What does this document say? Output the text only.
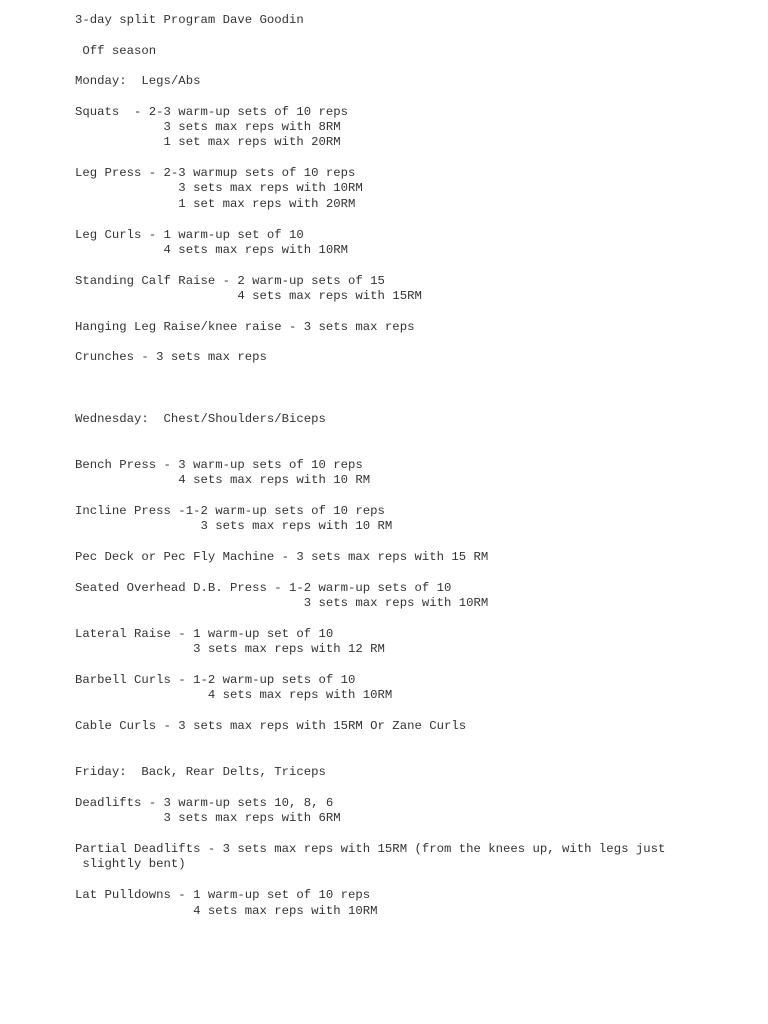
3-day split Program Dave Goodin

Off season

Monday:  Legs/Abs

Squats  - 2-3 warm-up sets of 10 reps

3 sets max reps with 8RM

1 set max reps with 20RM

Leg Press - 2-3 warmup sets of 10 reps

3 sets max reps with 10RM

1 set max reps with 20RM

Leg Curls - 1 warm-up set of 10

4 sets max reps with 10RM

Standing Calf Raise - 2 warm-up sets of 15

4 sets max reps with 15RM

Hanging Leg Raise/knee raise - 3 sets max reps

Crunches - 3 sets max reps

Wednesday:  Chest/Shoulders/Biceps

Bench Press - 3 warm-up sets of 10 reps

4 sets max reps with 10 RM

Incline Press -1-2 warm-up sets of 10 reps

3 sets max reps with 10 RM

Pec Deck or Pec Fly Machine - 3 sets max reps with 15 RM

Seated Overhead D.B. Press - 1-2 warm-up sets of 10

3 sets max reps with 10RM

Lateral Raise - 1 warm-up set of 10

3 sets max reps with 12 RM

Barbell Curls - 1-2 warm-up sets of 10

4 sets max reps with 10RM

Cable Curls - 3 sets max reps with 15RM Or Zane Curls

Friday:  Back, Rear Delts, Triceps

Deadlifts - 3 warm-up sets 10, 8, 6

3 sets max reps with 6RM

Partial Deadlifts - 3 sets max reps with 15RM (from the knees up, with legs just

slightly bent)

Lat Pulldowns - 1 warm-up set of 10 reps

4 sets max reps with 10RM
